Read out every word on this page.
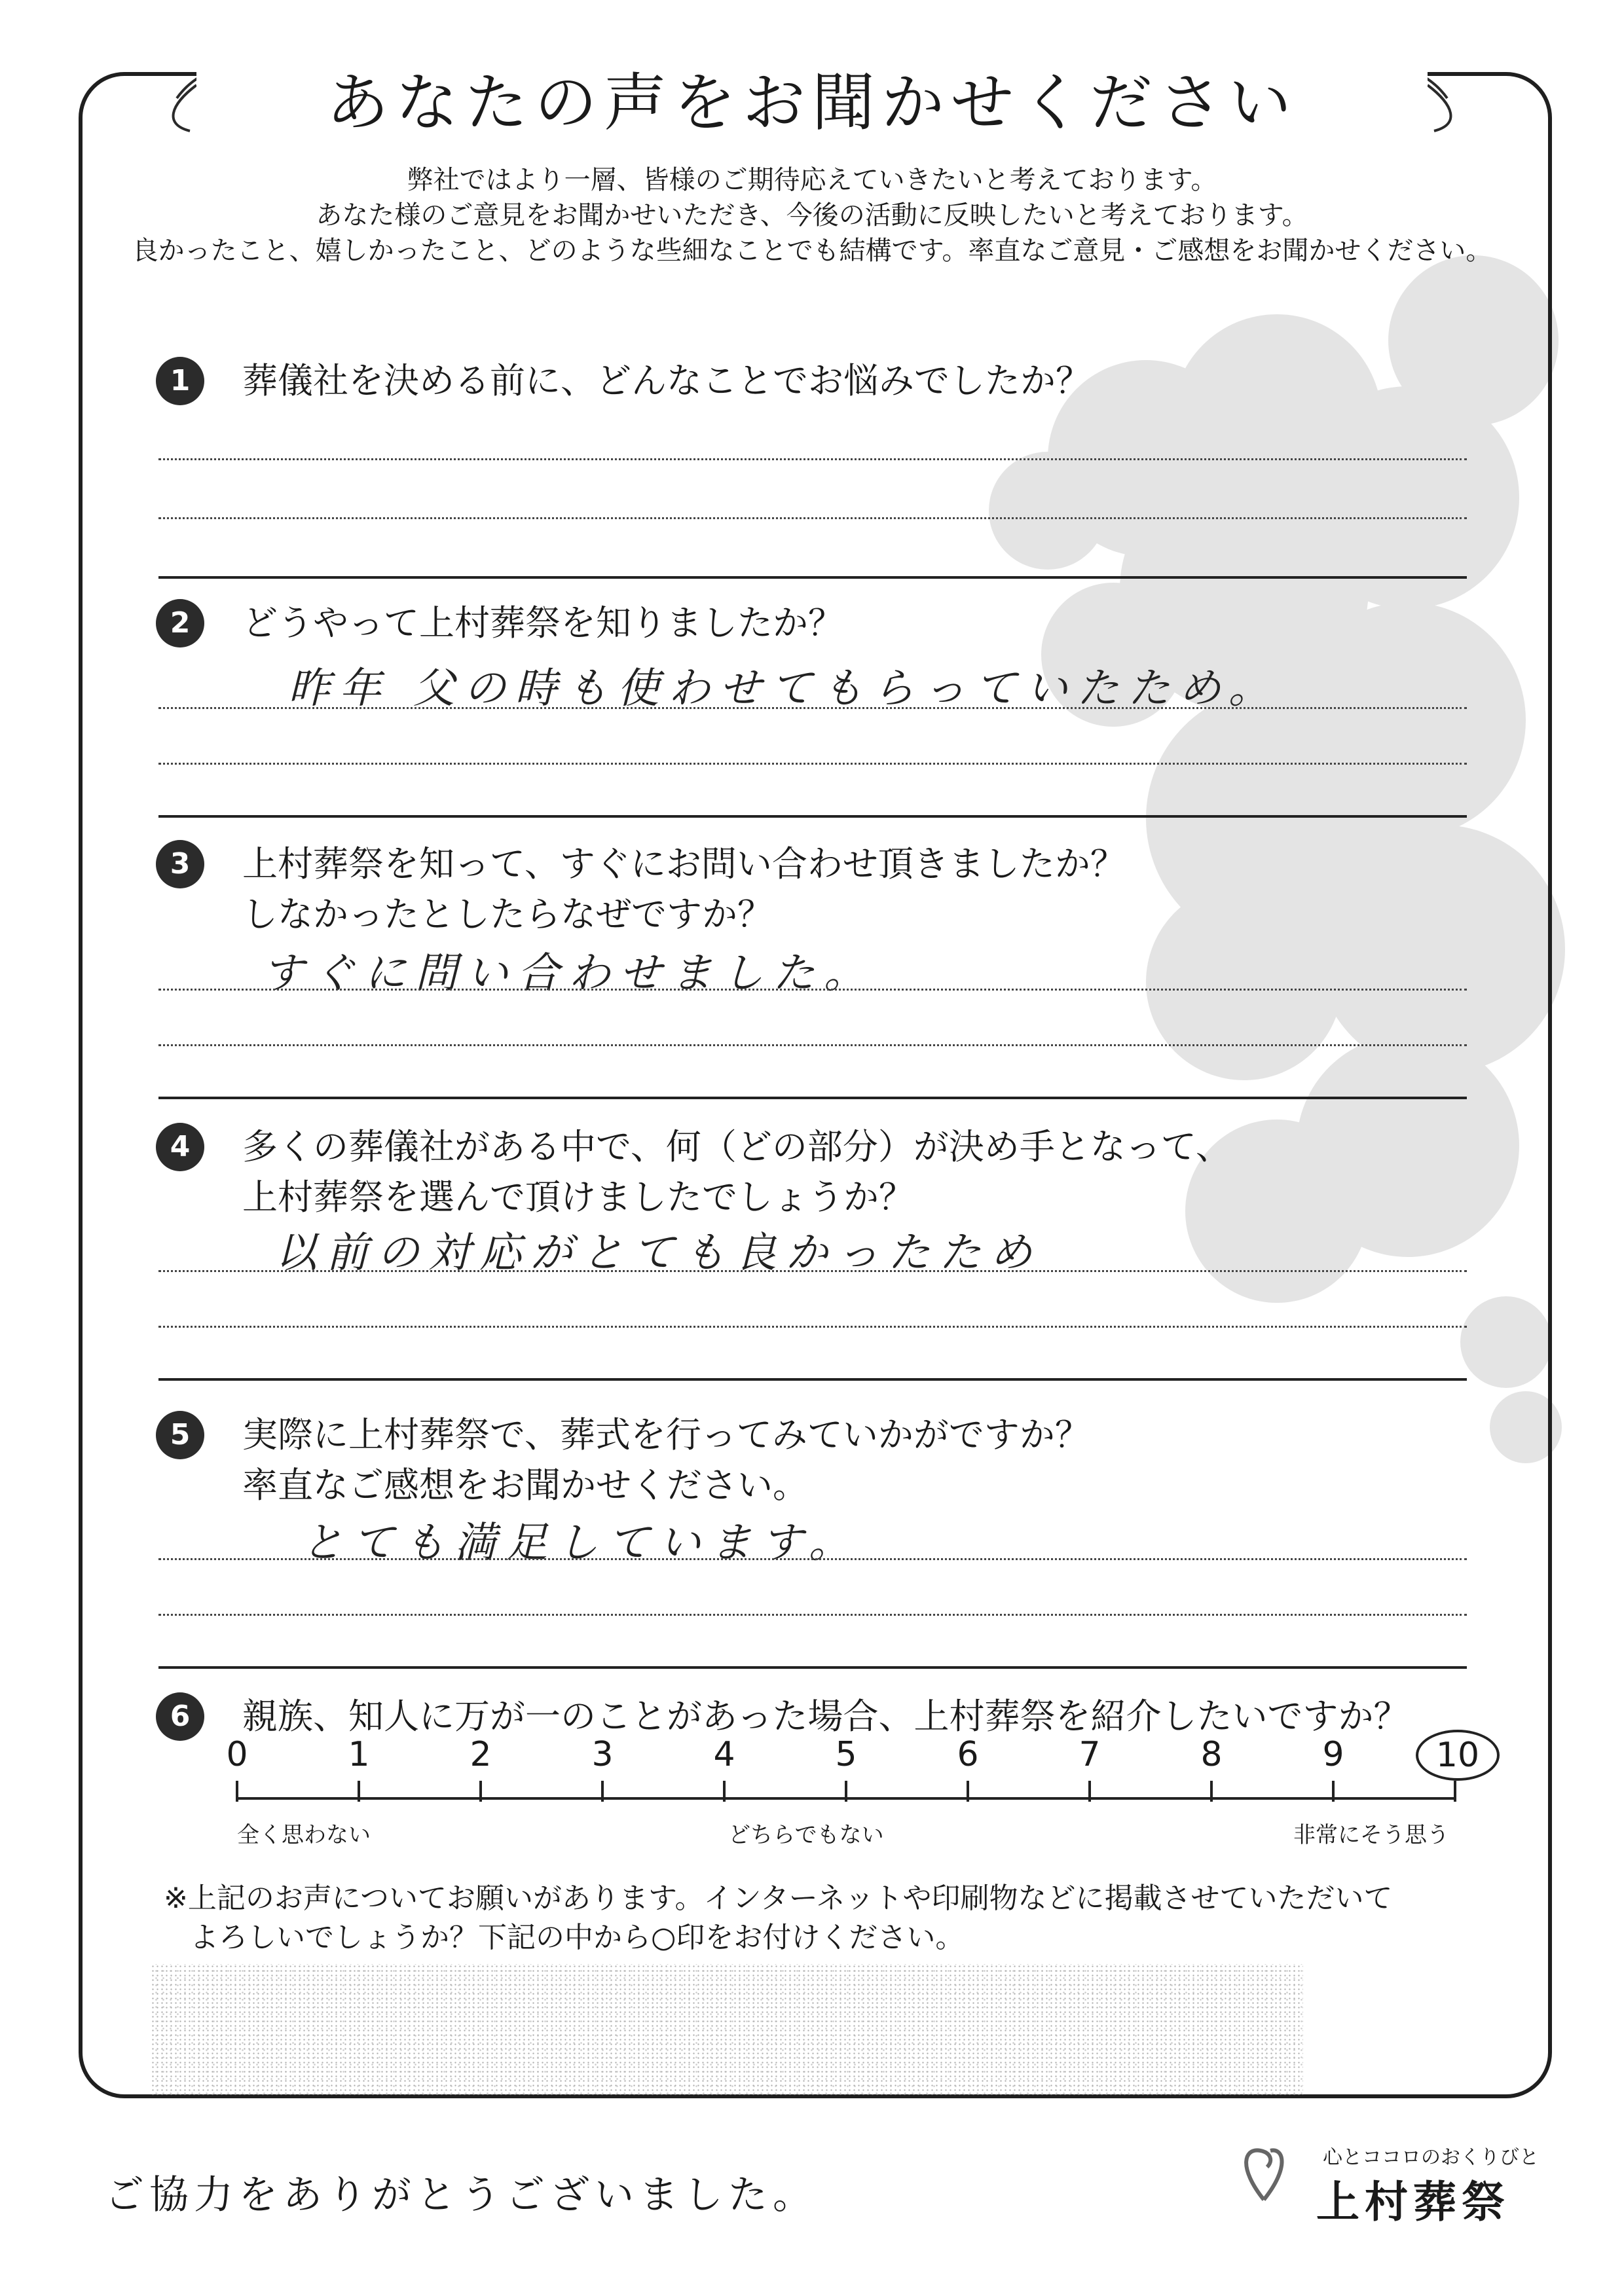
あなたの声をお聞かせください
弊社ではより一層、皆様のご期待応えていきたいと考えております。
あなた様のご意見をお聞かせいただき、今後の活動に反映したいと考えております。
良かったこと、嬉しかったこと、どのような些細なことでも結構です。率直なご意見・ご感想をお聞かせください。
1	葬儀社を決める前に、どんなことでお悩みでしたか？
2	どうやって上村葬祭を知りましたか？
昨年 父の時も使わせてもらっていたため。
3	上村葬祭を知って、すぐにお問い合わせ頂きましたか？
しなかったとしたらなぜですか？
すぐに問い合わせました。
4	多くの葬儀社がある中で、何（どの部分）が決め手となって、
上村葬祭を選んで頂けましたでしょうか？
以前の対応がとても良かったため
5	実際に上村葬祭で、葬式を行ってみていかがですか？
率直なご感想をお聞かせください。
とても満足しています。
6	親族、知人に万が一のことがあった場合、上村葬祭を紹介したいですか？
0	1	2	3	4	5	6	7	8	9	10
全く思わない	どちらでもない	非常にそう思う
※上記のお声についてお願いがあります。インターネットや印刷物などに掲載させていただいて
よろしいでしょうか？下記の中から○印をお付けください。
ご協力をありがとうございました。
心とココロのおくりびと
上村葬祭
